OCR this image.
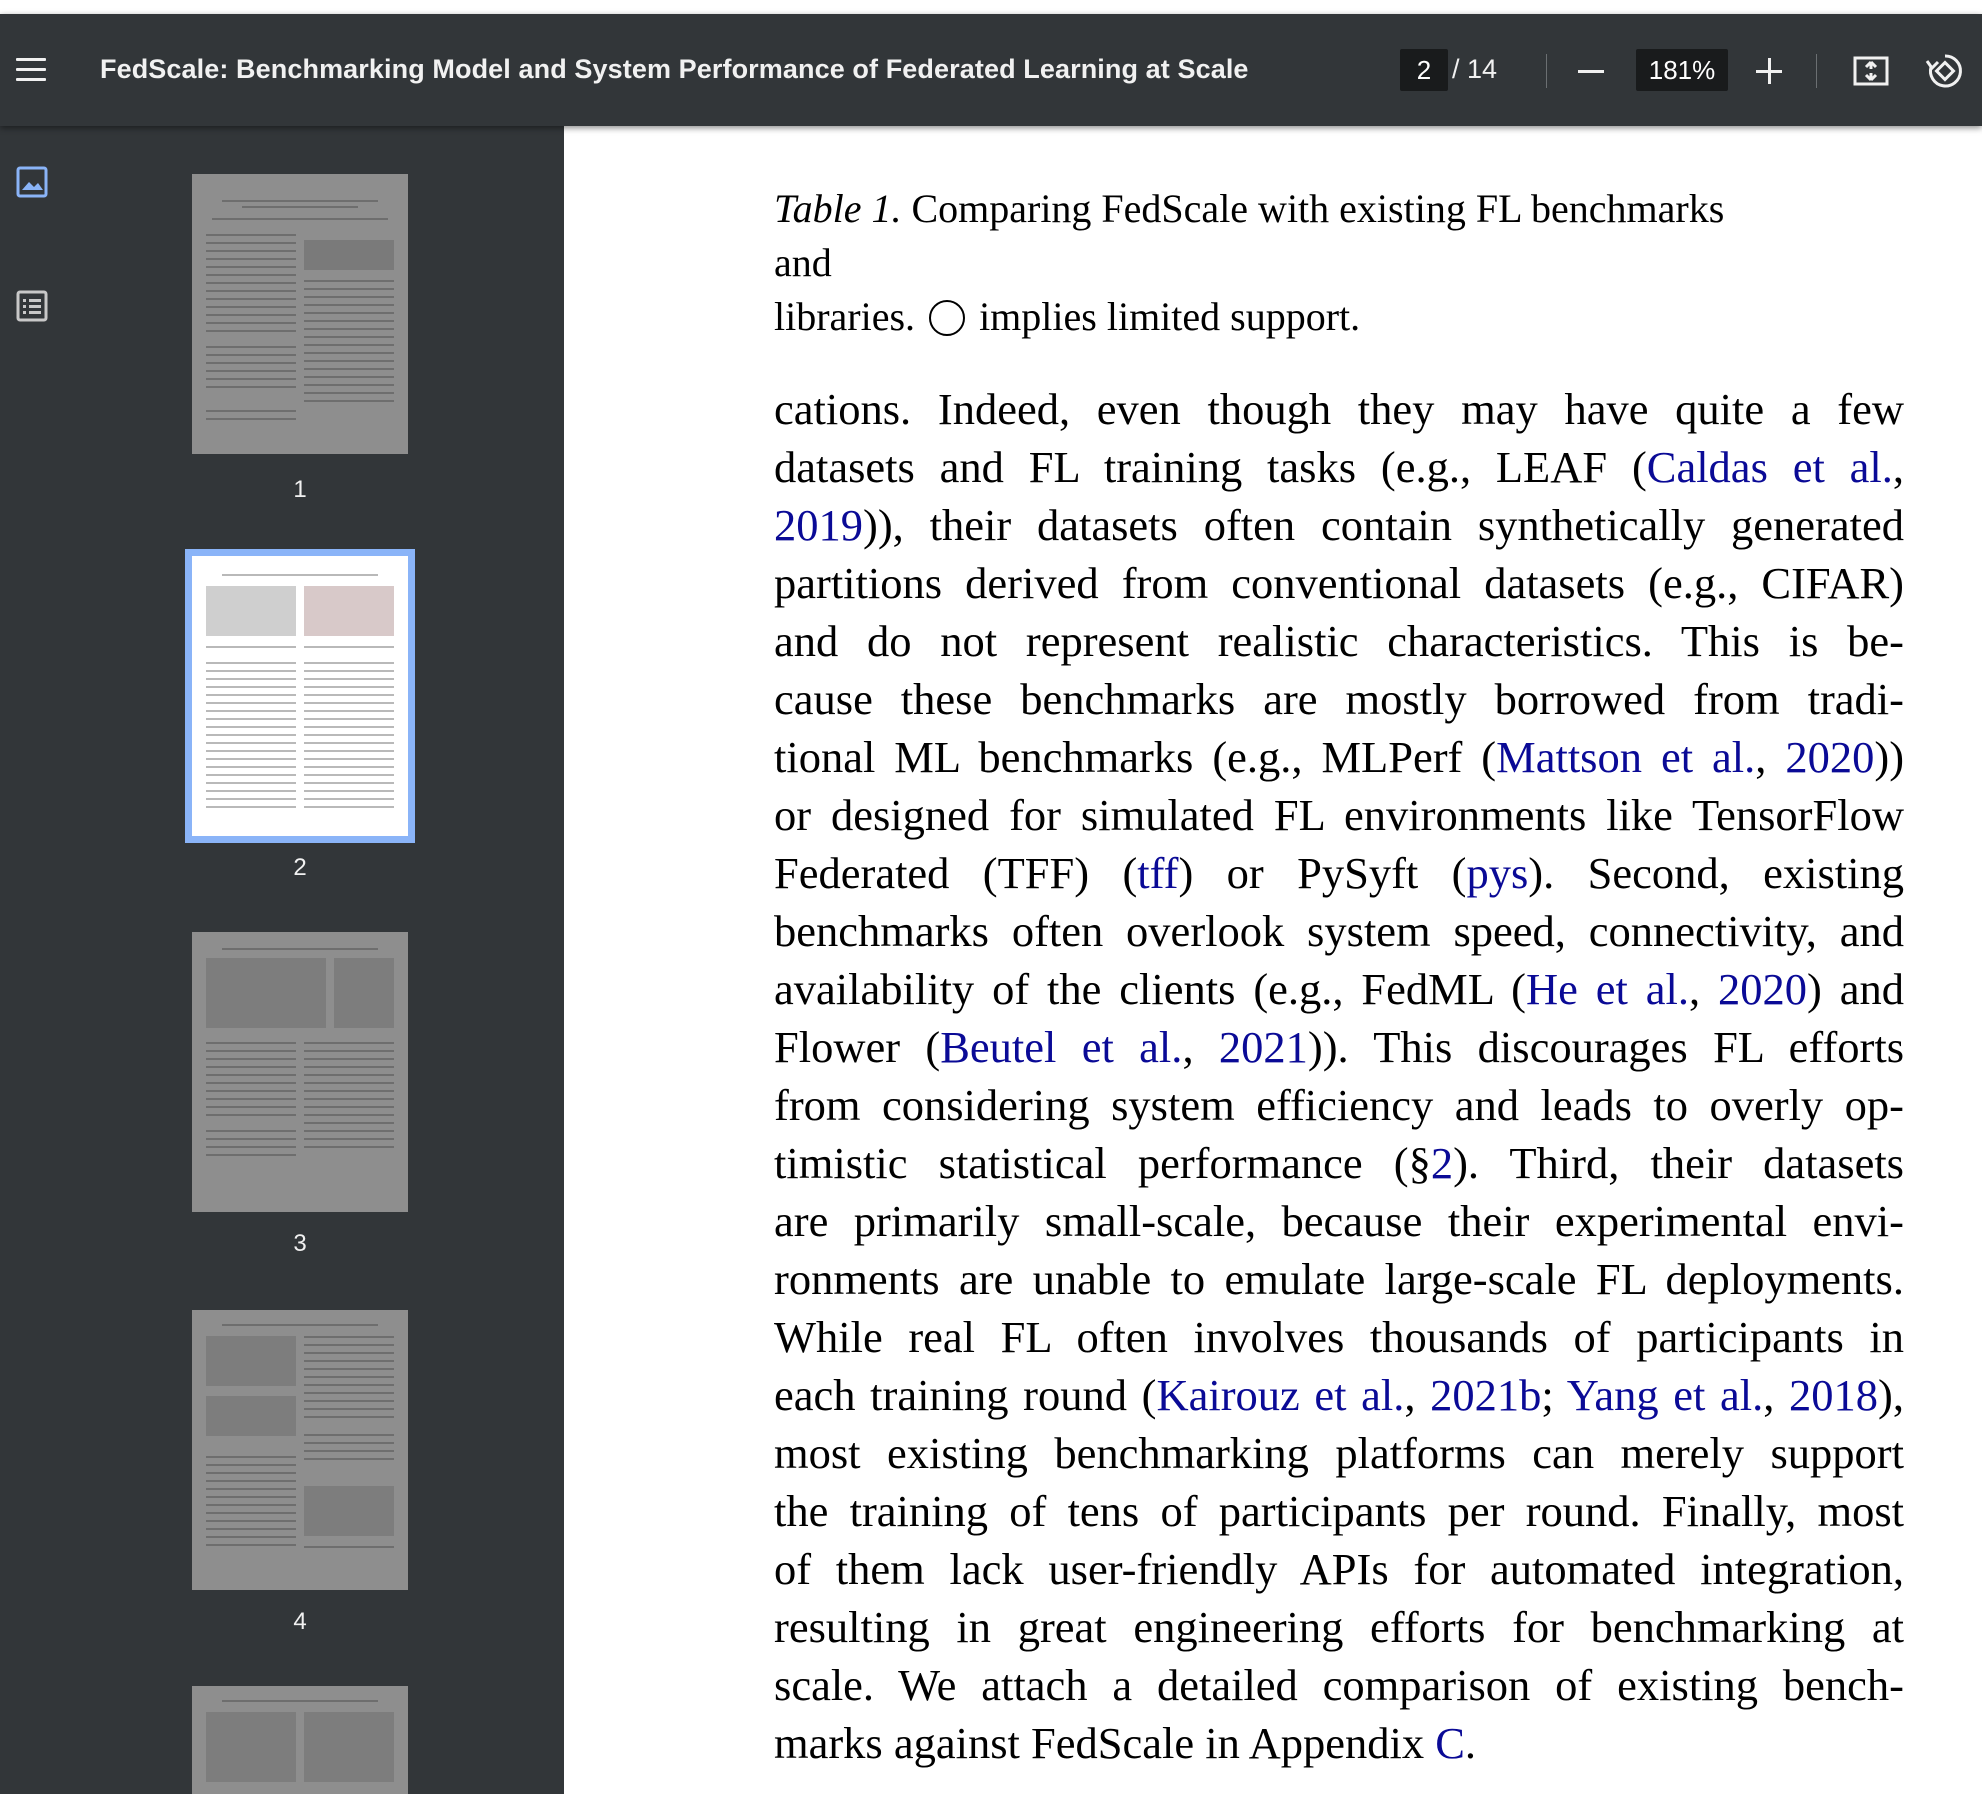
FedScale: Benchmarking Model and System Performance of Federated Learning at Scale	2 / 14	181%
1
2
3
4
Table 1. Comparing FedScale with existing FL benchmarks and
libraries. implies limited support.
cations. Indeed, even though they may have quite a few
datasets and FL training tasks (e.g., LEAF (Caldas et al.,
2019)), their datasets often contain synthetically generated
partitions derived from conventional datasets (e.g., CIFAR)
and do not represent realistic characteristics. This is be-
cause these benchmarks are mostly borrowed from tradi-
tional ML benchmarks (e.g., MLPerf (Mattson et al., 2020))
or designed for simulated FL environments like TensorFlow
Federated (TFF) (tff) or PySyft (pys). Second, existing
benchmarks often overlook system speed, connectivity, and
availability of the clients (e.g., FedML (He et al., 2020) and
Flower (Beutel et al., 2021)). This discourages FL efforts
from considering system efficiency and leads to overly op-
timistic statistical performance (§2). Third, their datasets
are primarily small-scale, because their experimental envi-
ronments are unable to emulate large-scale FL deployments.
While real FL often involves thousands of participants in
each training round (Kairouz et al., 2021b; Yang et al., 2018),
most existing benchmarking platforms can merely support
the training of tens of participants per round. Finally, most
of them lack user-friendly APIs for automated integration,
resulting in great engineering efforts for benchmarking at
scale. We attach a detailed comparison of existing bench-
marks against FedScale in Appendix C.
